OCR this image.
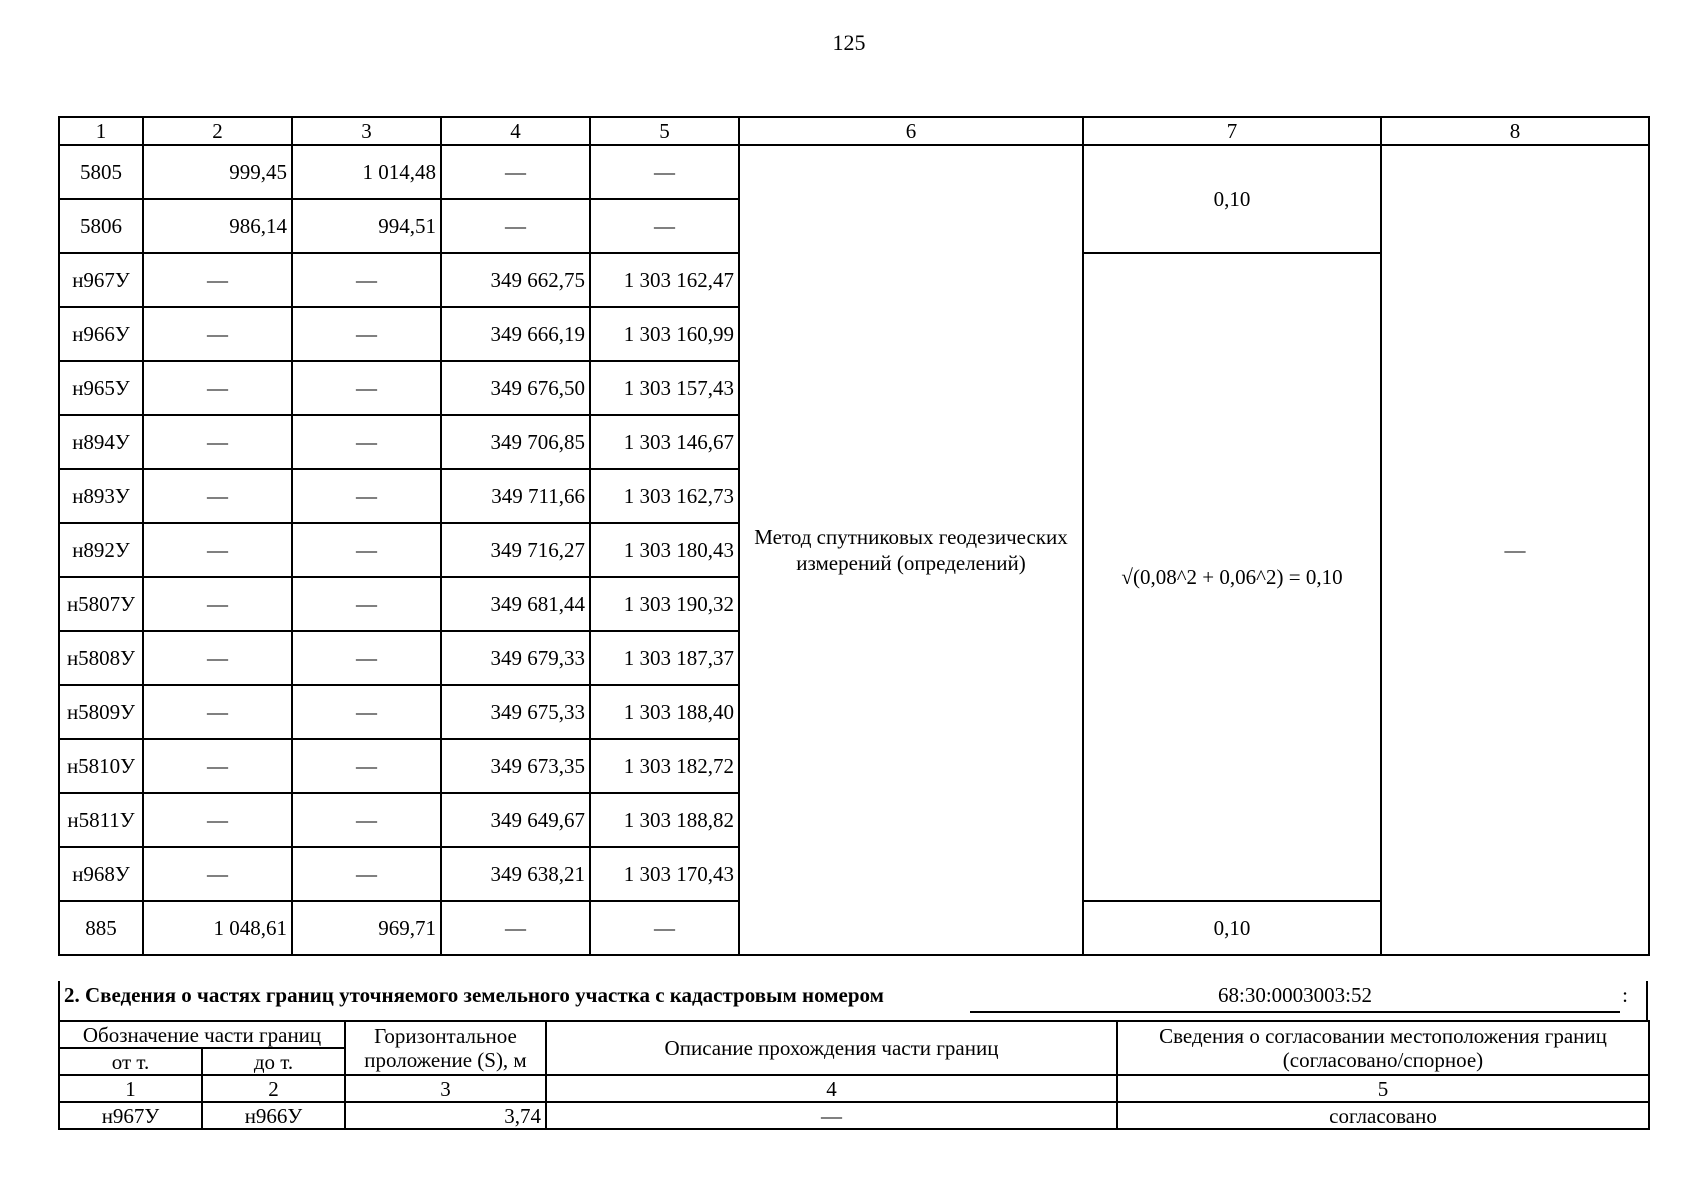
125
1	2	3	4	5	6	7	8
5805	999,45	1 014,48	—	—	Метод спутниковых геодезических измерений (определений)	0,10	—
5806	986,14	994,51	—	—			
н967У	—	—	349 662,75	1 303 162,47		√(0,08^2 + 0,06^2) = 0,10	
н966У	—	—	349 666,19	1 303 160,99			
н965У	—	—	349 676,50	1 303 157,43			
н894У	—	—	349 706,85	1 303 146,67			
н893У	—	—	349 711,66	1 303 162,73			
н892У	—	—	349 716,27	1 303 180,43			
н5807У	—	—	349 681,44	1 303 190,32			
н5808У	—	—	349 679,33	1 303 187,37			
н5809У	—	—	349 675,33	1 303 188,40			
н5810У	—	—	349 673,35	1 303 182,72			
н5811У	—	—	349 649,67	1 303 188,82			
н968У	—	—	349 638,21	1 303 170,43			
885	1 048,61	969,71	—	—		0,10	
2. Сведения о частях границ уточняемого земельного участка с кадастровым номером	68:30:0003003:52	:
Обозначение части границ		Горизонтальное проложение (S), м	Описание прохождения части границ	Сведения о согласовании местоположения границ (согласовано/спорное)
от т.	до т.			
1	2	3	4	5
н967У	н966У	3,74	—	согласовано
